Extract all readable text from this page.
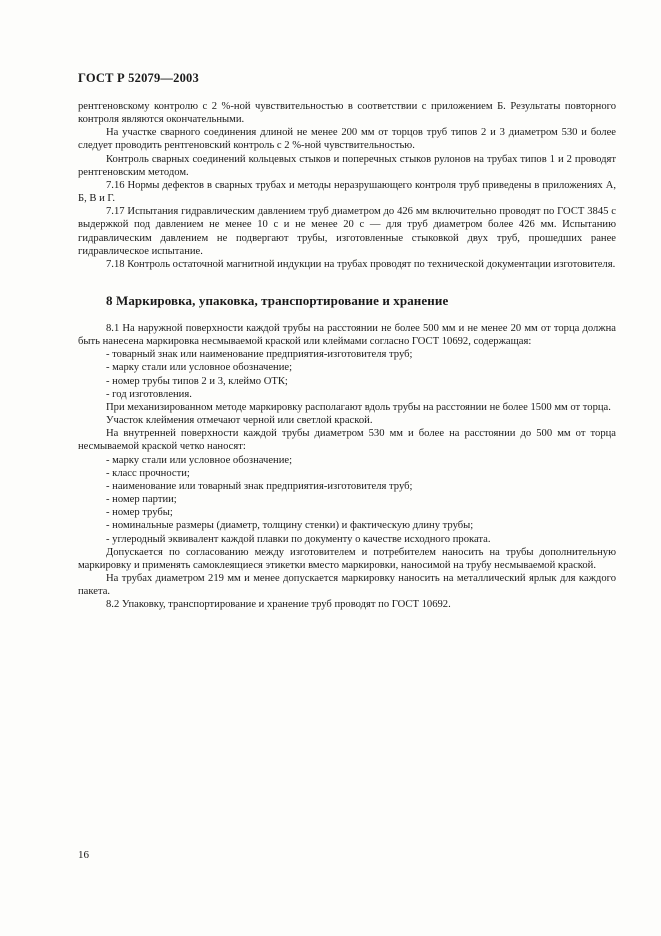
ГОСТ Р 52079—2003

рентгеновскому контролю с 2 %-ной чувствительностью в соответствии с приложением Б. Результаты повторного контроля являются окончательными.

На участке сварного соединения длиной не менее 200 мм от торцов труб типов 2 и 3 диаметром 530 и более следует проводить рентгеновский контроль с 2 %-ной чувствительностью.

Контроль сварных соединений кольцевых стыков и поперечных стыков рулонов на трубах типов 1 и 2 проводят рентгеновским методом.

7.16 Нормы дефектов в сварных трубах и методы неразрушающего контроля труб приведены в приложениях А, Б, В и Г.

7.17 Испытания гидравлическим давлением труб диаметром до 426 мм включительно проводят по ГОСТ 3845 с выдержкой под давлением не менее 10 с и не менее 20 с — для труб диаметром более 426 мм. Испытанию гидравлическим давлением не подвергают трубы, изготовленные стыковкой двух труб, прошедших ранее гидравлическое испытание.

7.18 Контроль остаточной магнитной индукции на трубах проводят по технической документации изготовителя.

8 Маркировка, упаковка, транспортирование и хранение

8.1 На наружной поверхности каждой трубы на расстоянии не более 500 мм и не менее 20 мм от торца должна быть нанесена маркировка несмываемой краской или клеймами согласно ГОСТ 10692, содержащая:

- товарный знак или наименование предприятия-изготовителя труб;

- марку стали или условное обозначение;

- номер трубы типов 2 и 3, клеймо ОТК;

- год изготовления.

При механизированном методе маркировку располагают вдоль трубы на расстоянии не более 1500 мм от торца.

Участок клеймения отмечают черной или светлой краской.

На внутренней поверхности каждой трубы диаметром 530 мм и более на расстоянии до 500 мм от торца несмываемой краской четко наносят:

- марку стали или условное обозначение;

- класс прочности;

- наименование или товарный знак предприятия-изготовителя труб;

- номер партии;

- номер трубы;

- номинальные размеры (диаметр, толщину стенки) и фактическую длину трубы;

- углеродный эквивалент каждой плавки по документу о качестве исходного проката.

Допускается по согласованию между изготовителем и потребителем наносить на трубы дополнительную маркировку и применять самоклеящиеся этикетки вместо маркировки, наносимой на трубу несмываемой краской.

На трубах диаметром 219 мм и менее допускается маркировку наносить на металлический ярлык для каждого пакета.

8.2 Упаковку, транспортирование и хранение труб проводят по ГОСТ 10692.

16
